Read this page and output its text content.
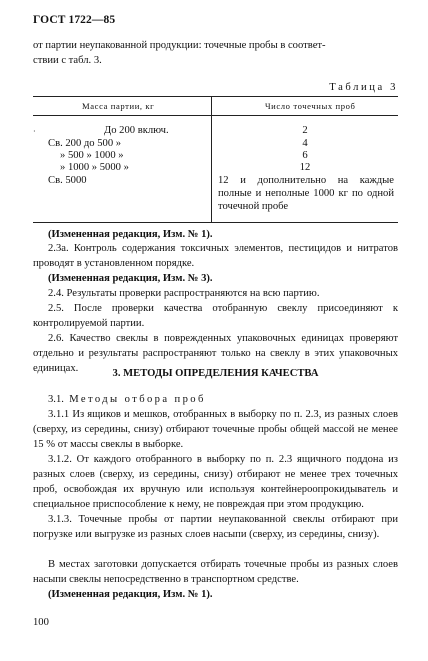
ГОСТ 1722—85
от партии неупакованной продукции: точечные пробы в соответ-
ствии с табл. 3.
Таблица 3
Масса партии, кг	Число точечных проб
·	До 200 включ.	2
Св. 200 до 500 »	4
» 500 » 1000 »	6
» 1000 » 5000 »	12
Св. 5000	12 и дополнительно на каждые полные и неполные 1000 кг по одной точечной пробе
(Измененная редакция, Изм. № 1).
2.3а. Контроль содержания токсичных элементов, пестицидов и нитратов проводят в установленном порядке.
(Измененная редакция, Изм. № 3).
2.4. Результаты проверки распространяются на всю партию.
2.5. После проверки качества отобранную свеклу присоединяют к контролируемой партии.
2.6. Качество свеклы в поврежденных упаковочных единицах проверяют отдельно и результаты распространяют только на свеклу в этих упаковочных единицах.	3. МЕТОДЫ ОПРЕДЕЛЕНИЯ КАЧЕСТВА
3.1. Методы отбора проб
3.1.1 Из ящиков и мешков, отобранных в выборку по п. 2.3, из разных слоев (сверху, из середины, снизу) отбирают точечные пробы общей массой не менее 15 % от массы свеклы в выборке.
3.1.2. От каждого отобранного в выборку по п. 2.3 ящичного поддона из разных слоев (сверху, из середины, снизу) отбирают не менее трех точечных проб, освобождая их вручную или используя контейнероопрокидыватель и специальное приспособление к нему, не повреждая при этом продукцию.
3.1.3. Точечные пробы от партии неупакованной свеклы отбирают при погрузке или выгрузке из разных слоев насыпи (сверху, из середины, снизу).
В местах заготовки допускается отбирать точечные пробы из разных слоев насыпи свеклы непосредственно в транспортном средстве.
(Измененная редакция, Изм. № 1).
100
